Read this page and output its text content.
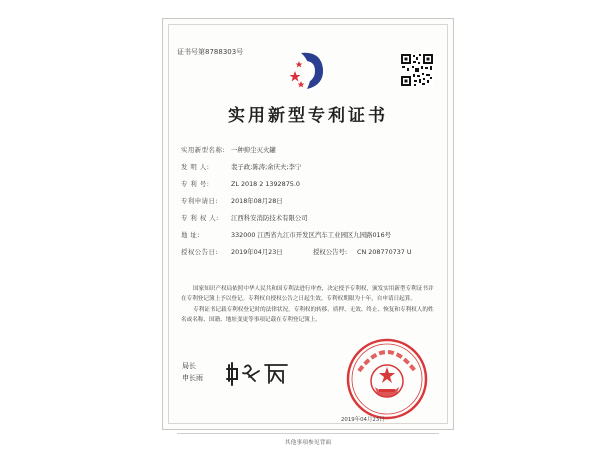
证书号第8788303号
实用新型专利证书
实用新型名称: 一种抑尘灭火罐
发 明 人:	裴子政;陈涛;余庆夫;李宁
专 利 号:	ZL 2018 2 1392875.0
专利申请日:	2018年08月28日
专 利 权 人:	江西科安消防技术有限公司
地 址:	332000 江西省九江市开发区汽车工业园区九园路016号
授权公告日:	2019年04月23日	授权公告号:	CN 208770737 U

国家知识产权局依照中华人民共和国专利法进行审查，决定授予专利权，颁发实用新型专利证书并在专利登记簿上予以登记。专利权自授权公告之日起生效。专利权期限为十年，自申请日起算。

专利证书记载专利权登记时的法律状况。专利权的转移、质押、无效、终止、恢复和专利权人的姓名或名称、国籍、地址变更等事项记载在专利登记簿上。

局长
申长雨
2019年04月23日
其他事项参见背面
